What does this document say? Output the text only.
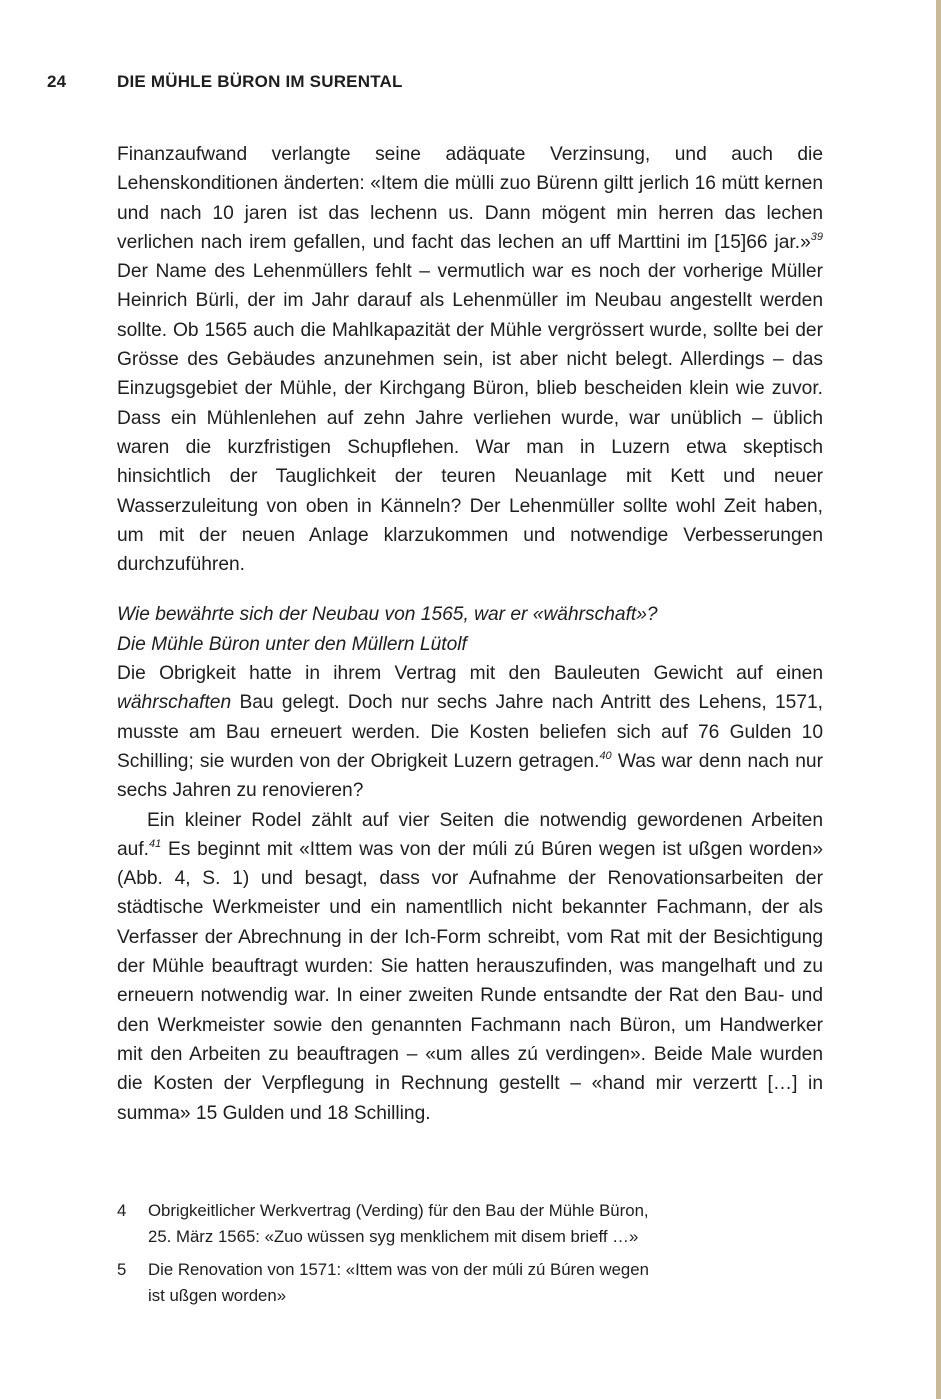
24	DIE MÜHLE BÜRON IM SURENTAL

Finanzaufwand verlangte seine adäquate Verzinsung, und auch die Lehenskonditionen änderten: «Item die mülli zuo Bürenn giltt jerlich 16 mütt kernen und nach 10 jaren ist das lechenn us. Dann mögent min herren das lechen verlichen nach irem gefallen, und facht das lechen an uff Marttini im [15]66 jar.»$^{39}$ Der Name des Lehenmüllers fehlt – vermutlich war es noch der vorherige Müller Heinrich Bürli, der im Jahr darauf als Lehenmüller im Neubau angestellt werden sollte. Ob 1565 auch die Mahlkapazität der Mühle vergrössert wurde, sollte bei der Grösse des Gebäudes anzunehmen sein, ist aber nicht belegt. Allerdings – das Einzugsgebiet der Mühle, der Kirchgang Büron, blieb bescheiden klein wie zuvor. Dass ein Mühlenlehen auf zehn Jahre verliehen wurde, war unüblich – üblich waren die kurzfristigen Schupflehen. War man in Luzern etwa skeptisch hinsichtlich der Tauglichkeit der teuren Neuanlage mit Kett und neuer Wasserzuleitung von oben in Känneln? Der Lehenmüller sollte wohl Zeit haben, um mit der neuen Anlage klarzukommen und notwendige Verbesserungen durchzuführen.

Wie bewährte sich der Neubau von 1565, war er «währschaft»?
Die Mühle Büron unter den Müllern Lütolf

Die Obrigkeit hatte in ihrem Vertrag mit den Bauleuten Gewicht auf einen währschaften Bau gelegt. Doch nur sechs Jahre nach Antritt des Lehens, 1571, musste am Bau erneuert werden. Die Kosten beliefen sich auf 76 Gulden 10 Schilling; sie wurden von der Obrigkeit Luzern getragen.$^{40}$ Was war denn nach nur sechs Jahren zu renovieren?

Ein kleiner Rodel zählt auf vier Seiten die notwendig gewordenen Arbeiten auf.$^{41}$ Es beginnt mit «Ittem was von der múli zú Búren wegen ist ußgen worden» (Abb. 4, S. 1) und besagt, dass vor Aufnahme der Renovationsarbeiten der städtische Werkmeister und ein namentllich nicht bekannter Fachmann, der als Verfasser der Abrechnung in der Ich-Form schreibt, vom Rat mit der Besichtigung der Mühle beauftragt wurden: Sie hatten herauszufinden, was mangelhaft und zu erneuern notwendig war. In einer zweiten Runde entsandte der Rat den Bau- und den Werkmeister sowie den genannten Fachmann nach Büron, um Handwerker mit den Arbeiten zu beauftragen – «um alles zú verdingen». Beide Male wurden die Kosten der Verpflegung in Rechnung gestellt – «hand mir verzertt […] in summa» 15 Gulden und 18 Schilling.

4	Obrigkeitlicher Werkvertrag (Verding) für den Bau der Mühle Büron,
25. März 1565: «Zuo wüssen syg menklichem mit disem brieff …»
5	Die Renovation von 1571: «Ittem was von der múli zú Búren wegen
ist ußgen worden»
